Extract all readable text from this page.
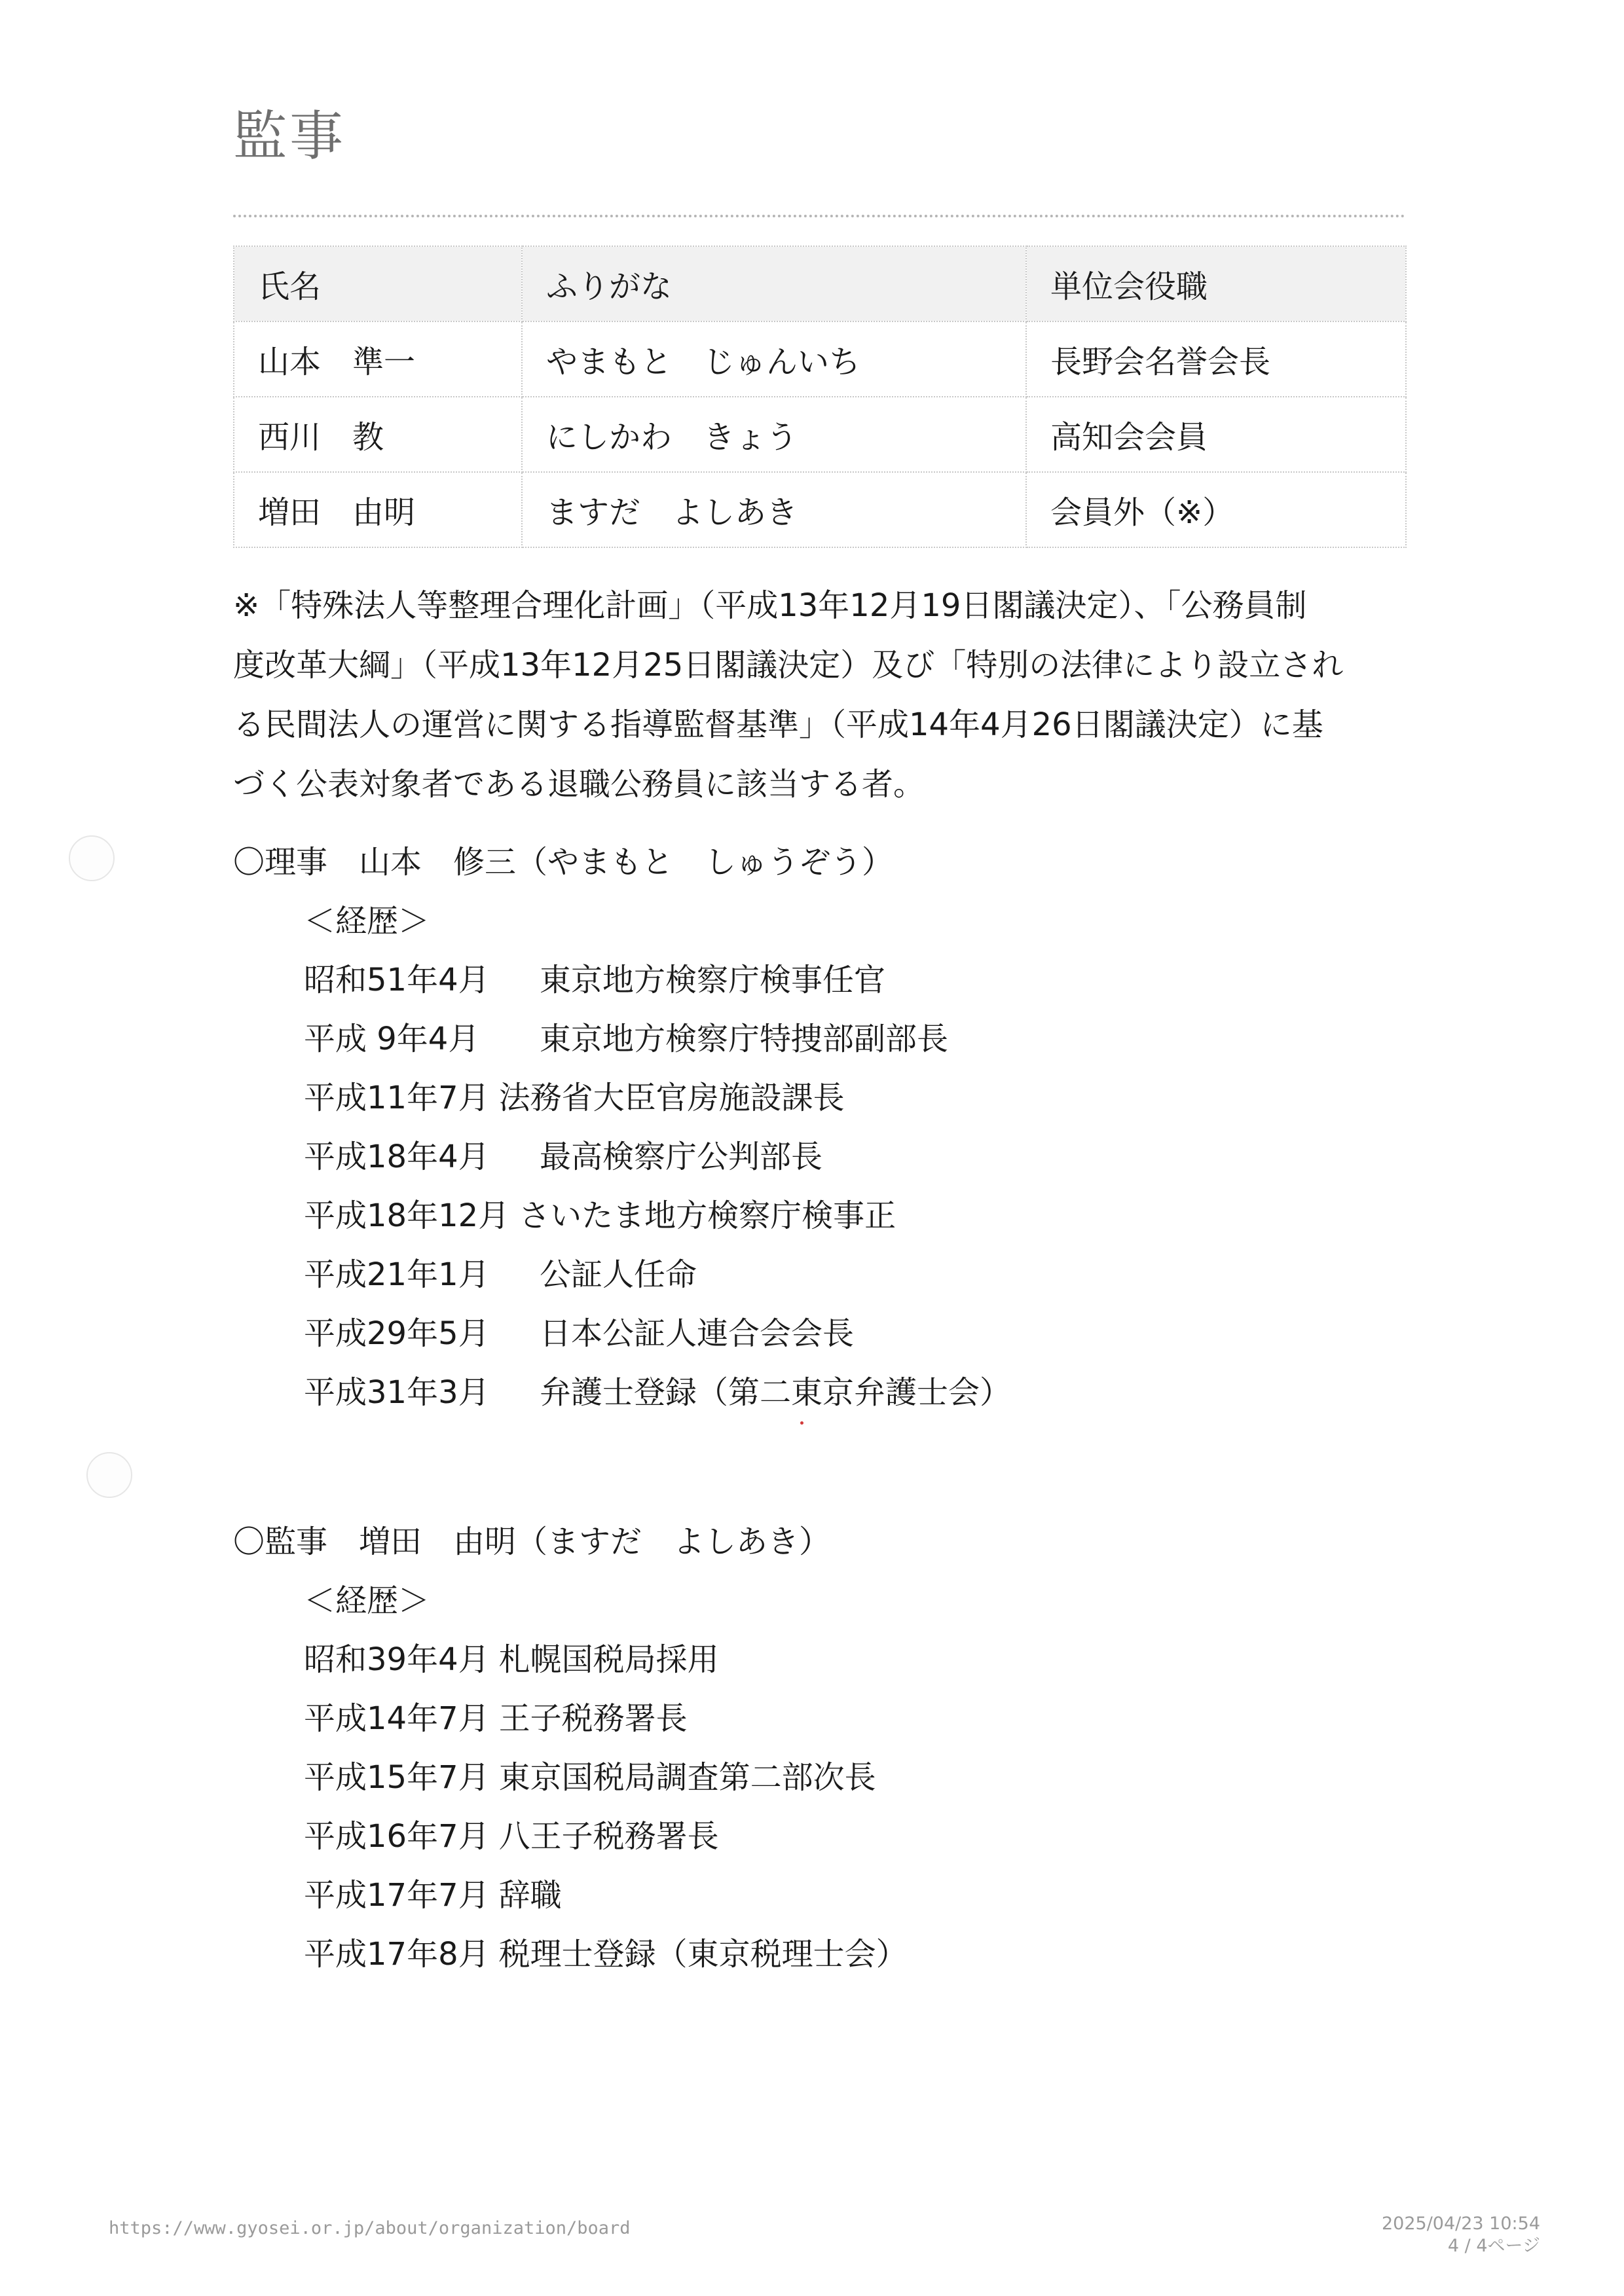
監事
氏名	ふりがな	単位会役職
山本　準一	やまもと　じゅんいち	長野会名誉会長
西川　教	にしかわ　きょう	高知会会員
増田　由明	ますだ　よしあき	会員外（※）
※「特殊法人等整理合理化計画」（平成13年12月19日閣議決定）、「公務員制
度改革大綱」（平成13年12月25日閣議決定）及び「特別の法律により設立され
る民間法人の運営に関する指導監督基準」（平成14年4月26日閣議決定）に基
づく公表対象者である退職公務員に該当する者。
〇理事　山本　修三（やまもと　しゅうぞう）
＜経歴＞
昭和51年4月 東京地方検察庁検事任官
平成 9年4月 東京地方検察庁特捜部副部長
平成11年7月 法務省大臣官房施設課長
平成18年4月 最高検察庁公判部長
平成18年12月 さいたま地方検察庁検事正
平成21年1月 公証人任命
平成29年5月 日本公証人連合会会長
平成31年3月 弁護士登録（第二東京弁護士会）
〇監事　増田　由明（ますだ　よしあき）
＜経歴＞
昭和39年4月 札幌国税局採用
平成14年7月 王子税務署長
平成15年7月 東京国税局調査第二部次長
平成16年7月 八王子税務署長
平成17年7月 辞職
平成17年8月 税理士登録（東京税理士会）
https://www.gyosei.or.jp/about/organization/board	2025/04/23 10:54
4 / 4ページ
